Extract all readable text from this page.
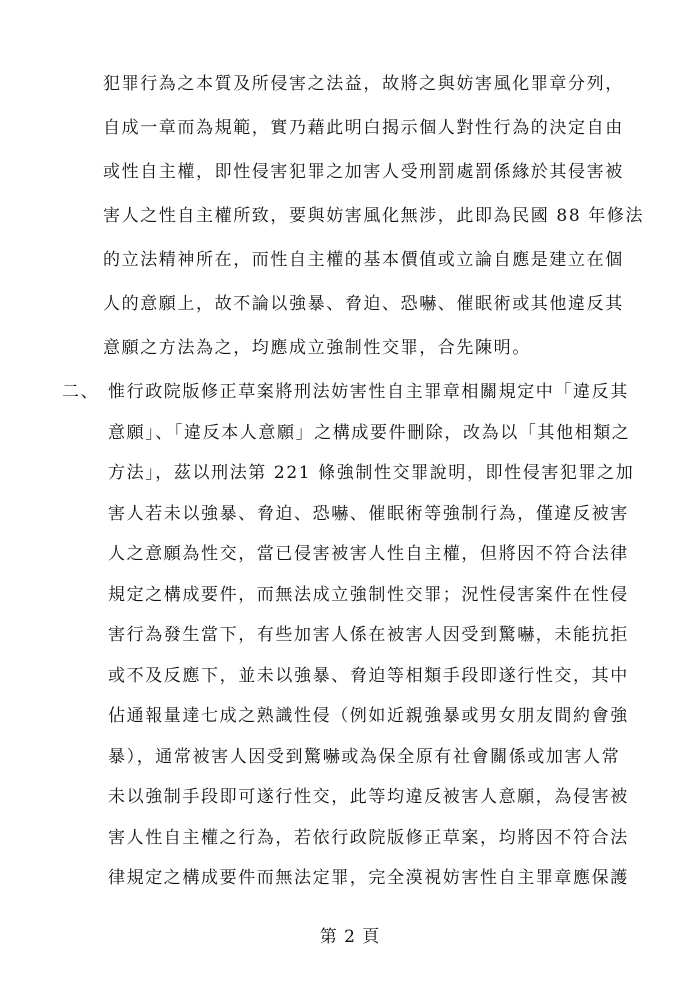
犯罪行為之本質及所侵害之法益，故將之與妨害風化罪章分列，
自成一章而為規範，實乃藉此明白揭示個人對性行為的決定自由
或性自主權，即性侵害犯罪之加害人受刑罰處罰係緣於其侵害被
害人之性自主權所致，要與妨害風化無涉，此即為民國 88 年修法
的立法精神所在，而性自主權的基本價值或立論自應是建立在個
人的意願上，故不論以強暴、脅迫、恐嚇、催眠術或其他違反其
意願之方法為之，均應成立強制性交罪，合先陳明。
二、 惟行政院版修正草案將刑法妨害性自主罪章相關規定中「違反其
意願」、「違反本人意願」之構成要件刪除，改為以「其他相類之
方法」，茲以刑法第 221 條強制性交罪說明，即性侵害犯罪之加
害人若未以強暴、脅迫、恐嚇、催眠術等強制行為，僅違反被害
人之意願為性交，當已侵害被害人性自主權，但將因不符合法律
規定之構成要件，而無法成立強制性交罪；況性侵害案件在性侵
害行為發生當下，有些加害人係在被害人因受到驚嚇，未能抗拒
或不及反應下，並未以強暴、脅迫等相類手段即遂行性交，其中
佔通報量達七成之熟識性侵（例如近親強暴或男女朋友間約會強
暴），通常被害人因受到驚嚇或為保全原有社會關係或加害人常
未以強制手段即可遂行性交，此等均違反被害人意願，為侵害被
害人性自主權之行為，若依行政院版修正草案，均將因不符合法
第 2 頁
律規定之構成要件而無法定罪，完全漠視妨害性自主罪章應保護
